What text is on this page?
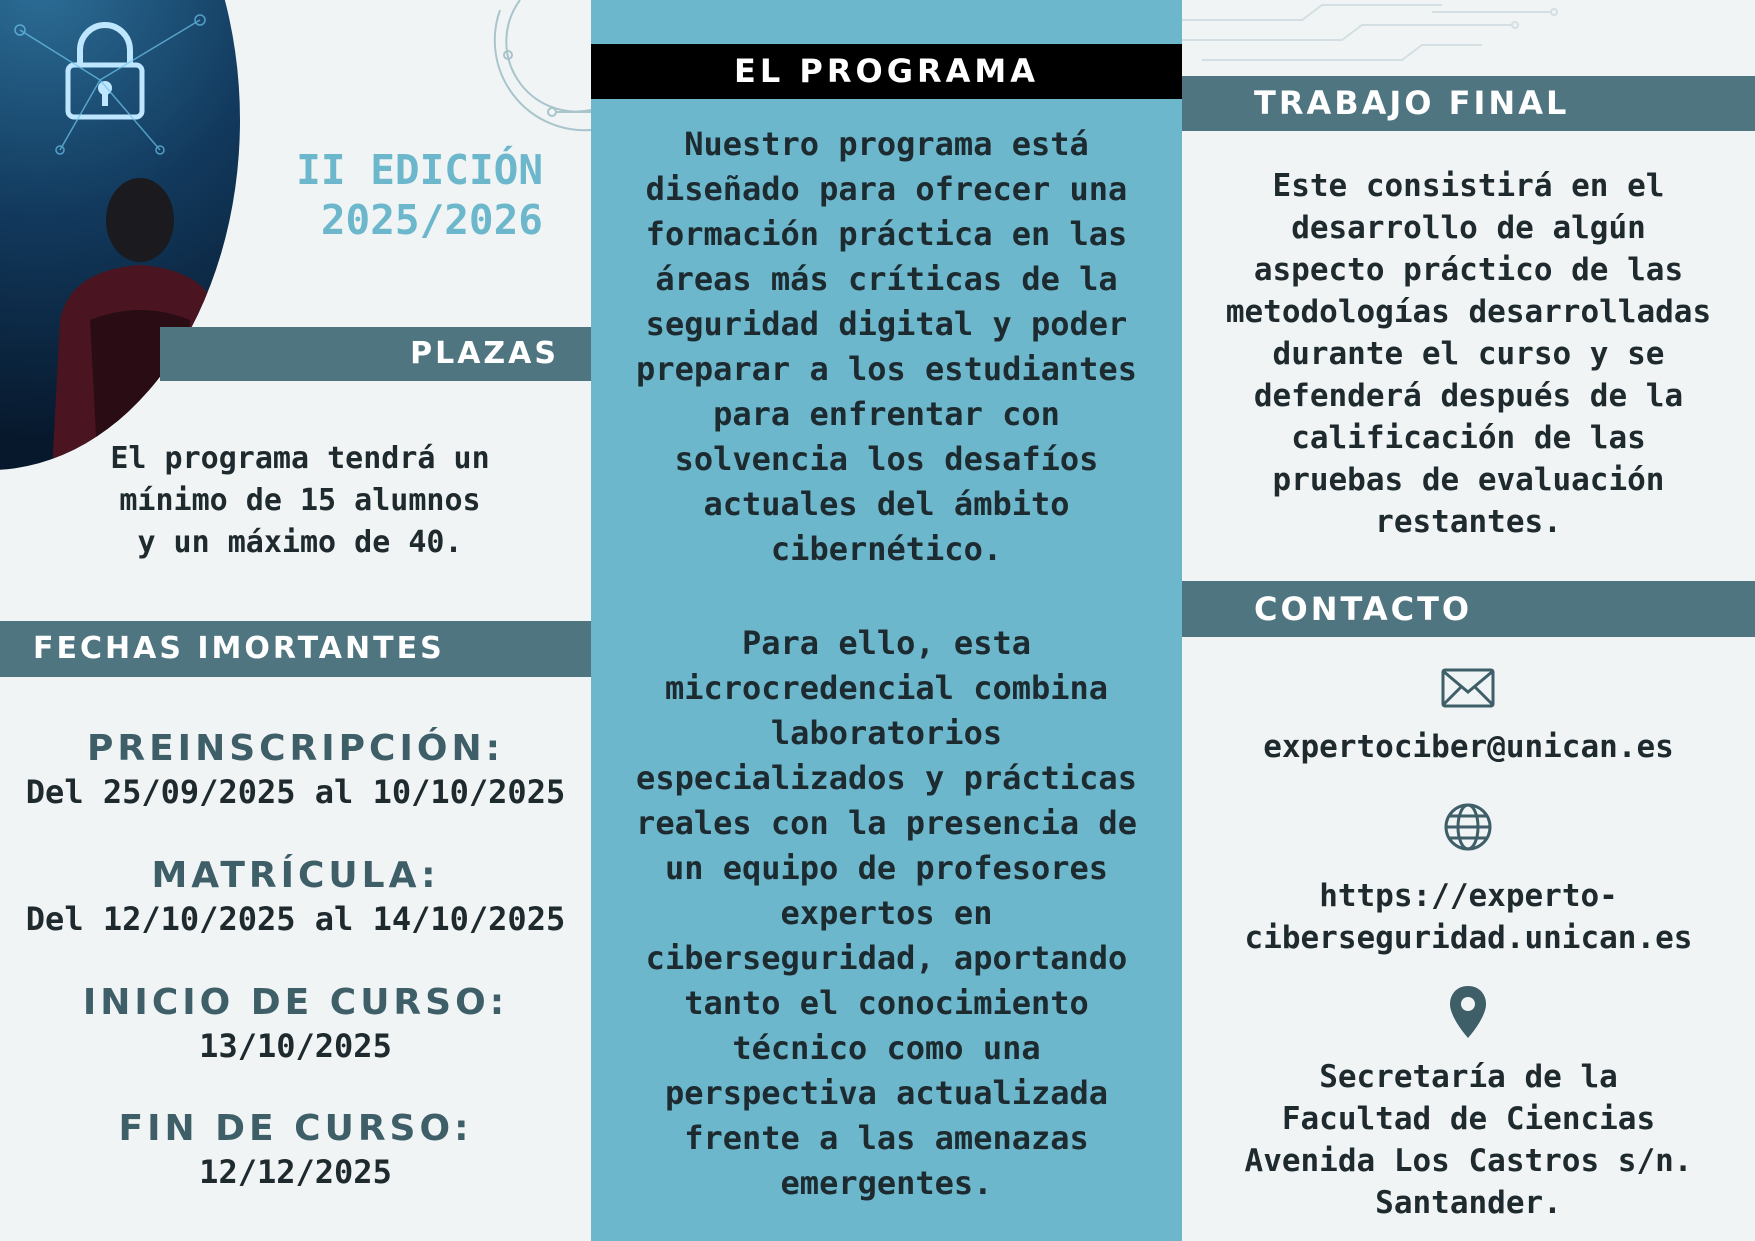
II EDICIÓN
2025/2026
PLAZAS
El programa tendrá un
mínimo de 15 alumnos
y un máximo de 40.
FECHAS IMORTANTES
PREINSCRIPCIÓN:
Del 25/09/2025 al 10/10/2025
MATRÍCULA:
Del 12/10/2025 al 14/10/2025
INICIO DE CURSO:
13/10/2025
FIN DE CURSO:
12/12/2025
EL PROGRAMA
Nuestro programa está
diseñado para ofrecer una
formación práctica en las
áreas más críticas de la
seguridad digital y poder
preparar a los estudiantes
para enfrentar con
solvencia los desafíos
actuales del ámbito
cibernético.
Para ello, esta
microcredencial combina
laboratorios
especializados y prácticas
reales con la presencia de
un equipo de profesores
expertos en
ciberseguridad, aportando
tanto el conocimiento
técnico como una
perspectiva actualizada
frente a las amenazas
emergentes.
TRABAJO FINAL
Este consistirá en el
desarrollo de algún
aspecto práctico de las
metodologías desarrolladas
durante el curso y se
defenderá después de la
calificación de las
pruebas de evaluación
restantes.
CONTACTO
expertociber@unican.es
https://experto-
ciberseguridad.unican.es
Secretaría de la
Facultad de Ciencias
Avenida Los Castros s/n.
Santander.
